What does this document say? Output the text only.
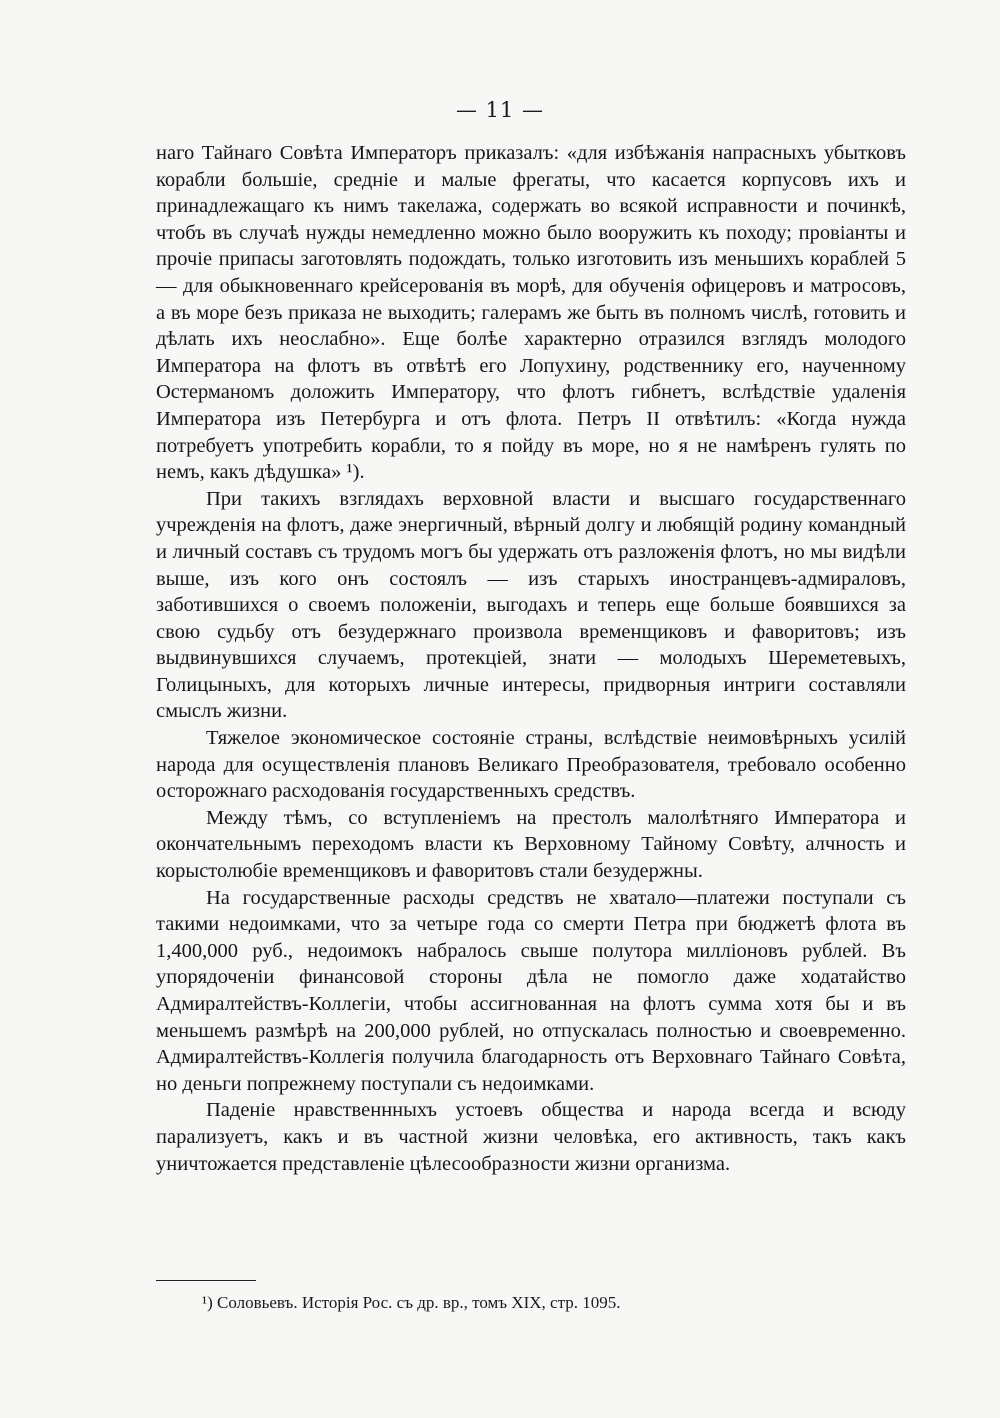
— 11 —

наго Тайнаго Совѣта Императоръ приказалъ: «для избѣжанія напрасныхъ убытковъ корабли большіе, средніе и малые фрегаты, что касается корпусовъ ихъ и принадлежащаго къ нимъ такелажа, содержать во всякой исправности и починкѣ, чтобъ въ случаѣ нужды немедленно можно было вооружить къ походу; провіанты и прочіе припасы заготовлять подождать, только изготовить изъ меньшихъ кораблей 5 — для обыкновеннаго крейсерованія въ морѣ, для обученія офицеровъ и матросовъ, а въ море безъ приказа не выходить; галерамъ же быть въ полномъ числѣ, готовить и дѣлать ихъ неослабно». Еще болѣе характерно отразился взглядъ молодого Императора на флотъ въ отвѣтѣ его Лопухину, родственнику его, наученному Остерманомъ доложить Императору, что флотъ гибнетъ, вслѣдствіе удаленія Императора изъ Петербурга и отъ флота. Петръ II отвѣтилъ: «Когда нужда потребуетъ употребить корабли, то я пойду въ море, но я не намѣренъ гулять по немъ, какъ дѣдушка» ¹).

При такихъ взглядахъ верховной власти и высшаго государственнаго учрежденія на флотъ, даже энергичный, вѣрный долгу и любящій родину командный и личный составъ съ трудомъ могъ бы удержать отъ разложенія флотъ, но мы видѣли выше, изъ кого онъ состоялъ — изъ старыхъ иностранцевъ-адмираловъ, заботившихся о своемъ положеніи, выгодахъ и теперь еще больше боявшихся за свою судьбу отъ безудержнаго произвола временщиковъ и фаворитовъ; изъ выдвинувшихся случаемъ, протекціей, знати — молодыхъ Шереметевыхъ, Голицыныхъ, для которыхъ личные интересы, придворныя интриги составляли смыслъ жизни.

Тяжелое экономическое состояніе страны, вслѣдствіе неимовѣрныхъ усилій народа для осуществленія плановъ Великаго Преобразователя, требовало особенно осторожнаго расходованія государственныхъ средствъ.

Между тѣмъ, со вступленіемъ на престолъ малолѣтняго Императора и окончательнымъ переходомъ власти къ Верховному Тайному Совѣту, алчность и корыстолюбіе временщиковъ и фаворитовъ стали безудержны.

На государственные расходы средствъ не хватало—платежи поступали съ такими недоимками, что за четыре года со смерти Петра при бюджетѣ флота въ 1,400,000 руб., недоимокъ набралось свыше полутора милліоновъ рублей. Въ упорядоченіи финансовой стороны дѣла не помогло даже ходатайство Адмиралтействъ-Коллегіи, чтобы ассигнованная на флотъ сумма хотя бы и въ меньшемъ размѣрѣ на 200,000 рублей, но отпускалась полностью и своевременно. Адмиралтействъ-Коллегія получила благодарность отъ Верховнаго Тайнаго Совѣта, но деньги попрежнему поступали съ недоимками.

Паденіе нравственнныхъ устоевъ общества и народа всегда и всюду парализуетъ, какъ и въ частной жизни человѣка, его активность, такъ какъ уничтожается представленіе цѣлесообразности жизни организма.

¹) Соловьевъ. Исторія Рос. съ др. вр., томъ XIX, стр. 1095.
